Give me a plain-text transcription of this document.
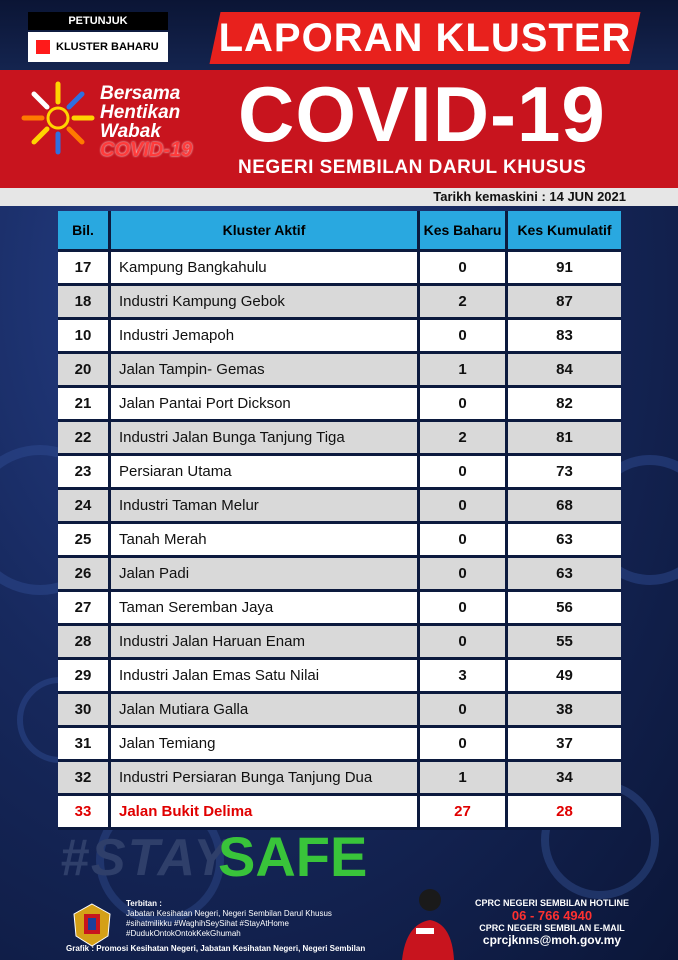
PETUNJUK
KLUSTER BAHARU LAPORAN KLUSTER
Bersama
Hentikan
Wabak
COVID-19 COVID-19
NEGERI SEMBILAN DARUL KHUSUS
Tarikh kemaskini : 14 JUN 2021
Bil.	Kluster Aktif	Kes Baharu	Kes Kumulatif
17	Kampung Bangkahulu	0	91
18	Industri Kampung Gebok	2	87
10	Industri Jemapoh	0	83
20	Jalan Tampin- Gemas	1	84
21	Jalan Pantai Port Dickson	0	82
22	Industri Jalan Bunga Tanjung Tiga	2	81
23	Persiaran Utama	0	73
24	Industri Taman Melur	0	68
25	Tanah Merah	0	63
26	Jalan Padi	0	63
27	Taman Seremban Jaya	0	56
28	Industri Jalan Haruan Enam	0	55
29	Industri Jalan Emas Satu Nilai	3	49
30	Jalan Mutiara Galla	0	38
31	Jalan Temiang	0	37
32	Industri Persiaran Bunga Tanjung Dua	1	34
33	Jalan Bukit Delima	27	28
#STAY
SAFE
Terbitan :
Jabatan Kesihatan Negeri, Negeri Sembilan Darul Khusus
#sihatmilikku #WaghihSeySihat #StayAtHome
#DudukOntokOntokKekGhumah
Grafik : Promosi Kesihatan Negeri, Jabatan Kesihatan Negeri, Negeri Sembilan
CPRC NEGERI SEMBILAN HOTLINE
06 - 766 4940
CPRC NEGERI SEMBILAN E-MAIL
cprcjknns@moh.gov.my
